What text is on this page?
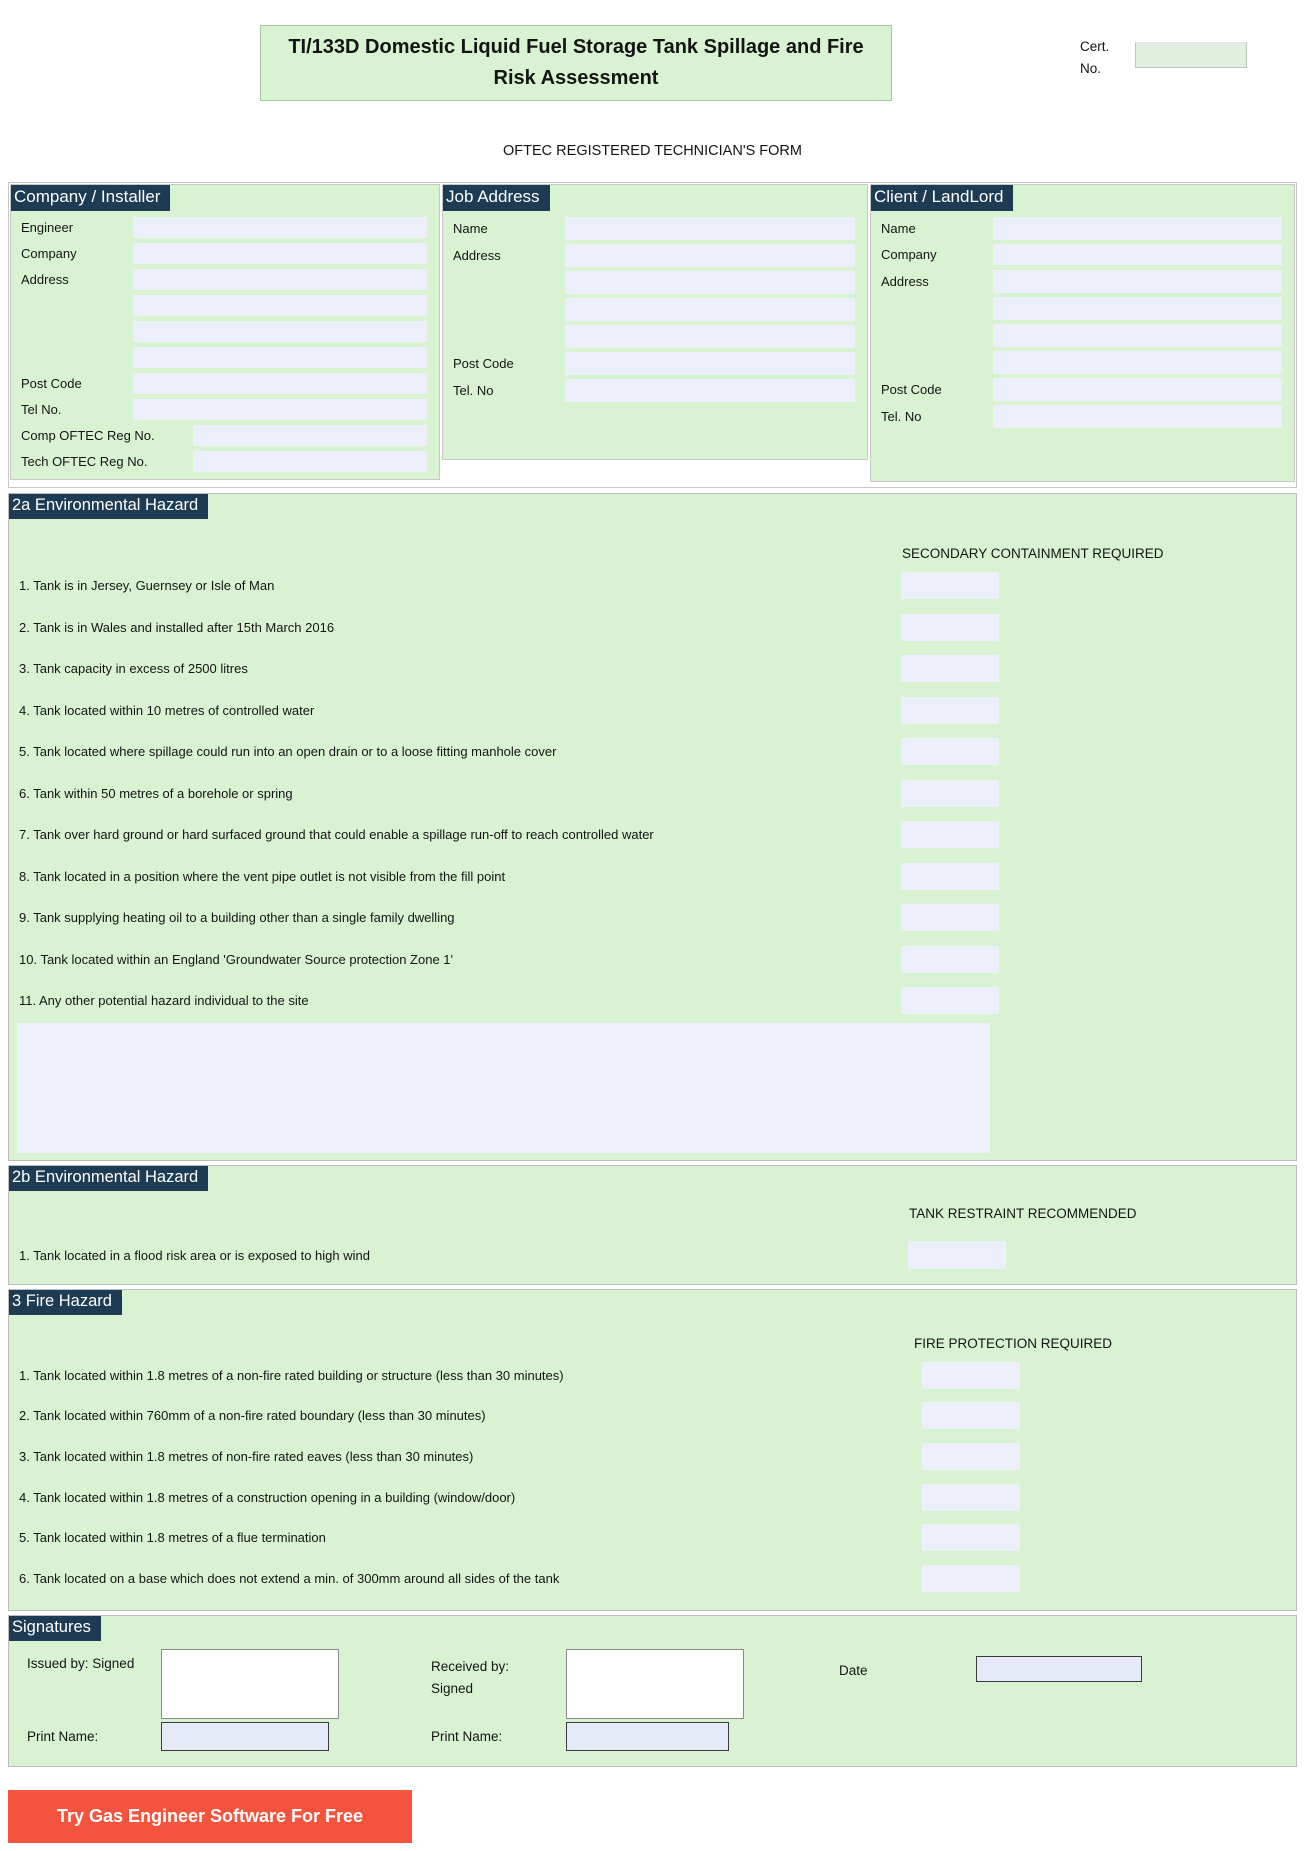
TI/133D Domestic Liquid Fuel Storage Tank Spillage and Fire Risk Assessment
Cert.
No.
OFTEC REGISTERED TECHNICIAN'S FORM
Company / Installer
Engineer
Company
Address
Post Code
Tel No.
Comp OFTEC Reg No.
Tech OFTEC Reg No.
Job Address
Name
Address
Post Code
Tel. No
Client / LandLord
Name
Company
Address
Post Code
Tel. No
2a Environmental Hazard
SECONDARY CONTAINMENT REQUIRED
1. Tank is in Jersey, Guernsey or Isle of Man
2. Tank is in Wales and installed after 15th March 2016
3. Tank capacity in excess of 2500 litres
4. Tank located within 10 metres of controlled water
5. Tank located where spillage could run into an open drain or to a loose fitting manhole cover
6. Tank within 50 metres of a borehole or spring
7. Tank over hard ground or hard surfaced ground that could enable a spillage run-off to reach controlled water
8. Tank located in a position where the vent pipe outlet is not visible from the fill point
9. Tank supplying heating oil to a building other than a single family dwelling
10. Tank located within an England 'Groundwater Source protection Zone 1'
11. Any other potential hazard individual to the site
2b Environmental Hazard
TANK RESTRAINT RECOMMENDED
1. Tank located in a flood risk area or is exposed to high wind
3 Fire Hazard
FIRE PROTECTION REQUIRED
1. Tank located within 1.8 metres of a non-fire rated building or structure (less than 30 minutes)
2. Tank located within 760mm of a non-fire rated boundary (less than 30 minutes)
3. Tank located within 1.8 metres of non-fire rated eaves (less than 30 minutes)
4. Tank located within 1.8 metres of a construction opening in a building (window/door)
5. Tank located within 1.8 metres of a flue termination
6. Tank located on a base which does not extend a min. of 300mm around all sides of the tank
Signatures
Issued by: Signed	Received by:
Signed
Date
Print Name:	Print Name:
Try Gas Engineer Software For Free
